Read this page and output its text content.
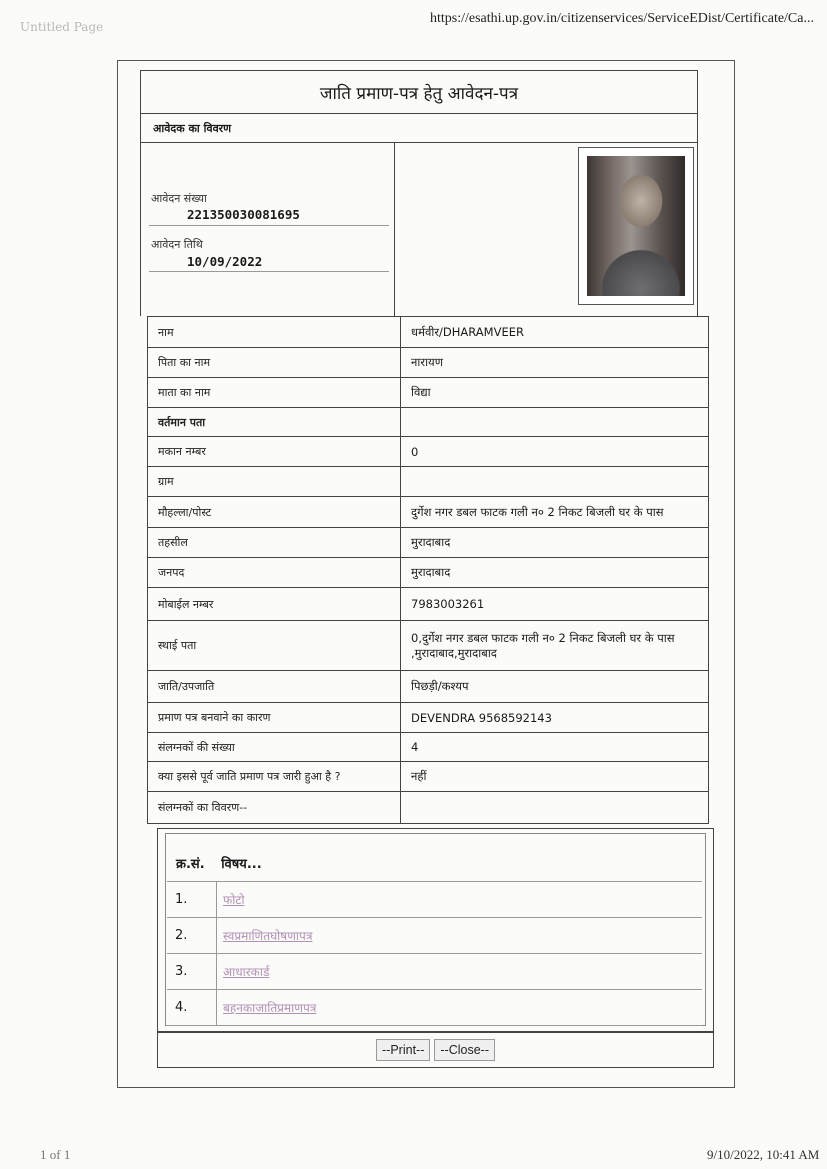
Untitled Page
https://esathi.up.gov.in/citizenservices/ServiceEDist/Certificate/Ca...
जाति प्रमाण-पत्र हेतु आवेदन-पत्र
आवेदक का विवरण
आवेदन संख्या
221350030081695
आवेदन तिथि
10/09/2022
नाम	धर्मवीर/DHARAMVEER
पिता का नाम	नारायण
माता का नाम	विद्या
वर्तमान पता	
मकान नम्बर	0
ग्राम	
मौहल्ला/पोस्ट	दुर्गेश नगर डबल फाटक गली न० 2 निकट बिजली घर के पास
तहसील	मुरादाबाद
जनपद	मुरादाबाद
मोबाईल नम्बर	7983003261
स्थाई पता	0,दुर्गेश नगर डबल फाटक गली न० 2 निकट बिजली घर के पास ,मुरादाबाद,मुरादाबाद
जाति/उपजाति	पिछड़ी/कश्यप
प्रमाण पत्र बनवाने का कारण	DEVENDRA 9568592143
संलग्नकों की संख्या	4
क्या इससे पूर्व जाति प्रमाण पत्र जारी हुआ है ?	नहीं
संलग्नकों का विवरण--	
क्र.सं. विषय...
1.	फोटो
2.	स्वप्रमाणितघोषणापत्र
3.	आधारकार्ड
4.	बहनकाजातिप्रमाणपत्र
--Print--	--Close--
1 of 1	9/10/2022, 10:41 AM
